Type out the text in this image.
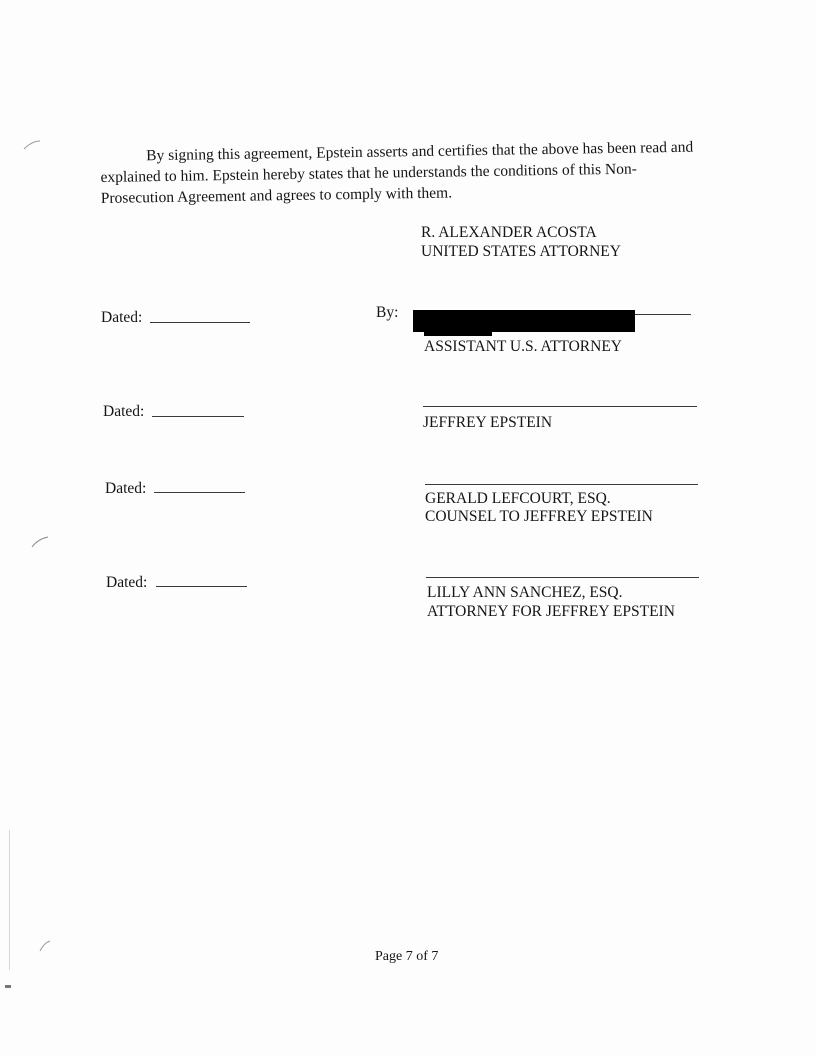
By signing this agreement, Epstein asserts and certifies that the above has been read and explained to him. Epstein hereby states that he understands the conditions of this Non-Prosecution Agreement and agrees to comply with them.

R. ALEXANDER ACOSTA
UNITED STATES ATTORNEY
Dated:	By:
ASSISTANT U.S. ATTORNEY
Dated:
JEFFREY EPSTEIN
Dated:
GERALD LEFCOURT, ESQ.
COUNSEL TO JEFFREY EPSTEIN
Dated:
LILLY ANN SANCHEZ, ESQ.
ATTORNEY FOR JEFFREY EPSTEIN
Page 7 of 7
